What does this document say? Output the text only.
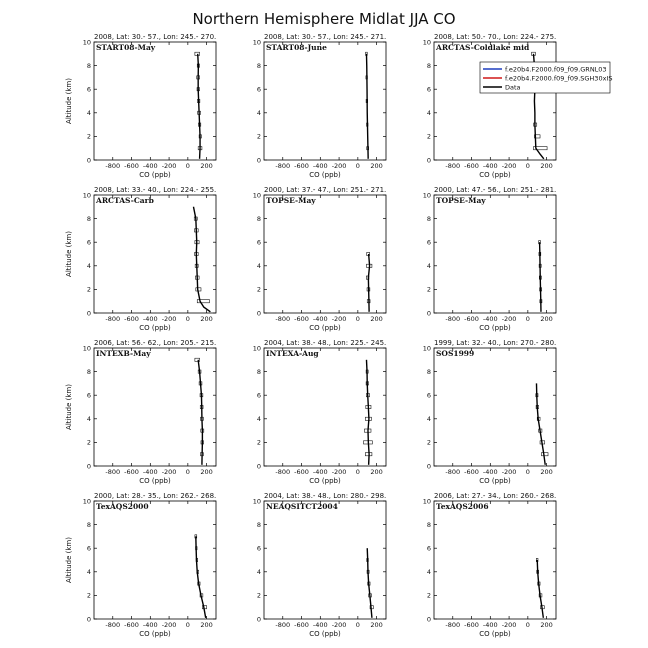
Northern Hemisphere Midlat JJA CO
2008, Lat: 30.- 57., Lon: 245.- 270.
START08-May
0
2
4
6
8
10
-800 -600 -400 -200 0 200
CO (ppb)
Altitude (km)
2008, Lat: 30.- 57., Lon: 245.- 271.
START08-June
0
2
4
6
8
10
-800 -600 -400 -200 0 200
CO (ppb)
2008, Lat: 50.- 70., Lon: 224.- 275.
ARCTAS-Coldlake mid
0
2
4
6
8
10
-800 -600 -400 -200 0 200
CO (ppb)
2008, Lat: 33.- 40., Lon: 224.- 255.
ARCTAS-Carb
0
2
4
6
8
10
-800 -600 -400 -200 0 200
CO (ppb)
Altitude (km)
2000, Lat: 37.- 47., Lon: 251.- 271.
TOPSE-May
0
2
4
6
8
10
-800 -600 -400 -200 0 200
CO (ppb)
2000, Lat: 47.- 56., Lon: 251.- 281.
TOPSE-May
0
2
4
6
8
10
-800 -600 -400 -200 0 200
CO (ppb)
2006, Lat: 56.- 62., Lon: 205.- 215.
INTEXB-May
0
2
4
6
8
10
-800 -600 -400 -200 0 200
CO (ppb)
Altitude (km)
2004, Lat: 38.- 48., Lon: 225.- 245.
INTEXA-Aug
0
2
4
6
8
10
-800 -600 -400 -200 0 200
CO (ppb)
1999, Lat: 32.- 40., Lon: 270.- 280.
SOS1999
0
2
4
6
8
10
-800 -600 -400 -200 0 200
CO (ppb)
2000, Lat: 28.- 35., Lon: 262.- 268.
TexAQS2000
0
2
4
6
8
10
-800 -600 -400 -200 0 200
CO (ppb)
Altitude (km)
2004, Lat: 38.- 48., Lon: 280.- 298.
NEAQSITCT2004
0
2
4
6
8
10
-800 -600 -400 -200 0 200
CO (ppb)
2006, Lat: 27.- 34., Lon: 260.- 268.
TexAQS2006
0
2
4
6
8
10
-800 -600 -400 -200 0 200
CO (ppb)
f.e20b4.F2000.f09_f09.GRNL03
f.e20b4.F2000.f09_f09.SGH30xIS
Data
